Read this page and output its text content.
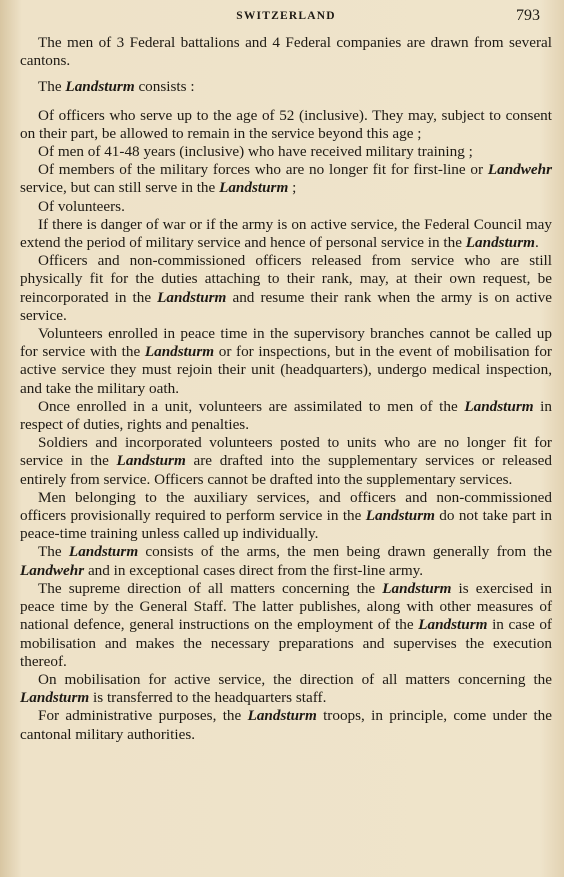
SWITZERLAND	793

The men of 3 Federal battalions and 4 Federal companies are drawn from several cantons.

The Landsturm consists :

Of officers who serve up to the age of 52 (inclusive). They may, subject to consent on their part, be allowed to remain in the service beyond this age ;

Of men of 41-48 years (inclusive) who have received military training ;

Of members of the military forces who are no longer fit for first-line or Landwehr service, but can still serve in the Landsturm ;

Of volunteers.

If there is danger of war or if the army is on active service, the Federal Council may extend the period of military service and hence of personal service in the Landsturm.

Officers and non-commissioned officers released from service who are still physically fit for the duties attaching to their rank, may, at their own request, be reincorporated in the Landsturm and resume their rank when the army is on active service.

Volunteers enrolled in peace time in the supervisory branches cannot be called up for service with the Landsturm or for inspections, but in the event of mobilisation for active service they must rejoin their unit (headquarters), undergo medical inspection, and take the military oath.

Once enrolled in a unit, volunteers are assimilated to men of the Landsturm in respect of duties, rights and penalties.

Soldiers and incorporated volunteers posted to units who are no longer fit for service in the Landsturm are drafted into the supplementary services or released entirely from service. Officers cannot be drafted into the supplementary services.

Men belonging to the auxiliary services, and officers and non-commissioned officers provisionally required to perform service in the Landsturm do not take part in peace-time training unless called up individually.

The Landsturm consists of the arms, the men being drawn generally from the Landwehr and in exceptional cases direct from the first-line army.

The supreme direction of all matters concerning the Landsturm is exercised in peace time by the General Staff. The latter publishes, along with other measures of national defence, general instructions on the employment of the Landsturm in case of mobilisation and makes the necessary preparations and supervises the execution thereof.

On mobilisation for active service, the direction of all matters concerning the Landsturm is transferred to the headquarters staff.

For administrative purposes, the Landsturm troops, in principle, come under the cantonal military authorities.
